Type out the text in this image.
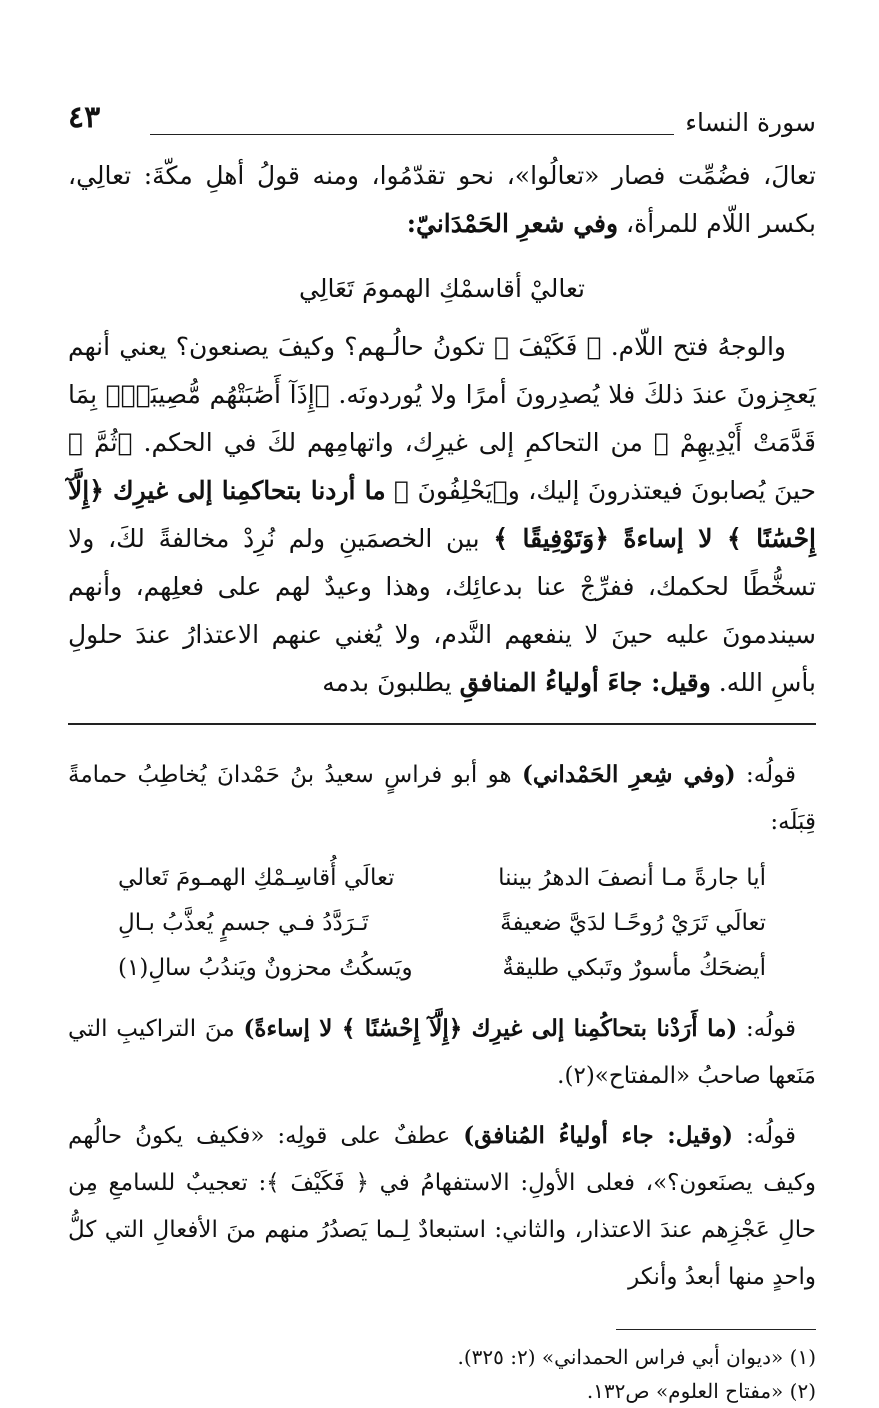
سورة النساء
٤٣

تعالَ، فضُمِّت فصار «تعالُوا»، نحو تقدّمُوا، ومنه قولُ أهلِ مكّةَ: تعالِي، بكسر اللّام للمرأة، وفي شعرِ الحَمْدَانيّ:

تعاليْ أقاسمْكِ الهمومَ تَعَالِي

والوجهُ فتح اللّام. ﴿ فَكَيْفَ ﴾ تكونُ حالُـهم؟ وكيفَ يصنعون؟ يعني أنهم يَعجِزونَ عندَ ذلكَ فلا يُصدِرونَ أمرًا ولا يُوردونَه. ﴿إِذَآ أَصَٰبَتْهُم مُّصِيبَةٌۢ بِمَا قَدَّمَتْ أَيْدِيهِمْ ﴾ من التحاكمِ إلى غيرِك، واتهامِهم لكَ في الحكم. ﴿ثُمَّ ﴾ حينَ يُصابونَ فيعتذرونَ إليك، و﴿يَحْلِفُونَ ﴾ ما أردنا بتحاكمِنا إلى غيرِك ﴿إِلَّآ إِحْسَٰنًا ﴾ لا إساءةً ﴿وَتَوْفِيقًا ﴾ بين الخصمَينِ ولم نُرِدْ مخالفةً لكَ، ولا تسخُّطًا لحكمك، ففرِّجْ عنا بدعائِك، وهذا وعيدٌ لهم على فعلِهم، وأنهم سيندمونَ عليه حينَ لا ينفعهم النَّدم، ولا يُغني عنهم الاعتذارُ عندَ حلولِ بأسِ الله. وقيل: جاءَ أولياءُ المنافقِ يطلبونَ بدمه

قولُه: (وفي شِعرِ الحَمْداني) هو أبو فراسٍ سعيدُ بنُ حَمْدانَ يُخاطِبُ حمامةً قِبَلَه:

أيا جارةً مـا أنصفَ الدهرُ بيننا
تعالَي أُقاسِـمْكِ الهمـومَ تَعالي
تعالَي تَرَيْ رُوحًـا لدَيَّ ضعيفةً
تَـرَدَّدُ فـي جسمٍ يُعذَّبُ بـالِ
أيضحَكُ مأسورٌ وتَبكي طليقةٌ
ويَسكُتُ محزونٌ ويَندُبُ سالِ(١)

قولُه: (ما أَرَدْنا بتحاكُمِنا إلى غيرِك ﴿إِلَّآ إِحْسَٰنًا ﴾ لا إساءةً) منَ التراكيبِ التي مَنَعها صاحبُ «المفتاح»(٢).

قولُه: (وقيل: جاء أولياءُ المُنافق) عطفٌ على قولِه: «فكيف يكونُ حالُهم وكيف يصنَعون؟»، فعلى الأولِ: الاستفهامُ في ﴿ فَكَيْفَ ﴾: تعجيبٌ للسامعِ مِن حالِ عَجْزِهم عندَ الاعتذار، والثاني: استبعادٌ لِـما يَصدُرُ منهم منَ الأفعالِ التي كلُّ واحدٍ منها أبعدُ وأنكر

(١) «ديوان أبي فراس الحمداني» (٢: ٣٢٥).
(٢) «مفتاح العلوم» ص١٣٢.
